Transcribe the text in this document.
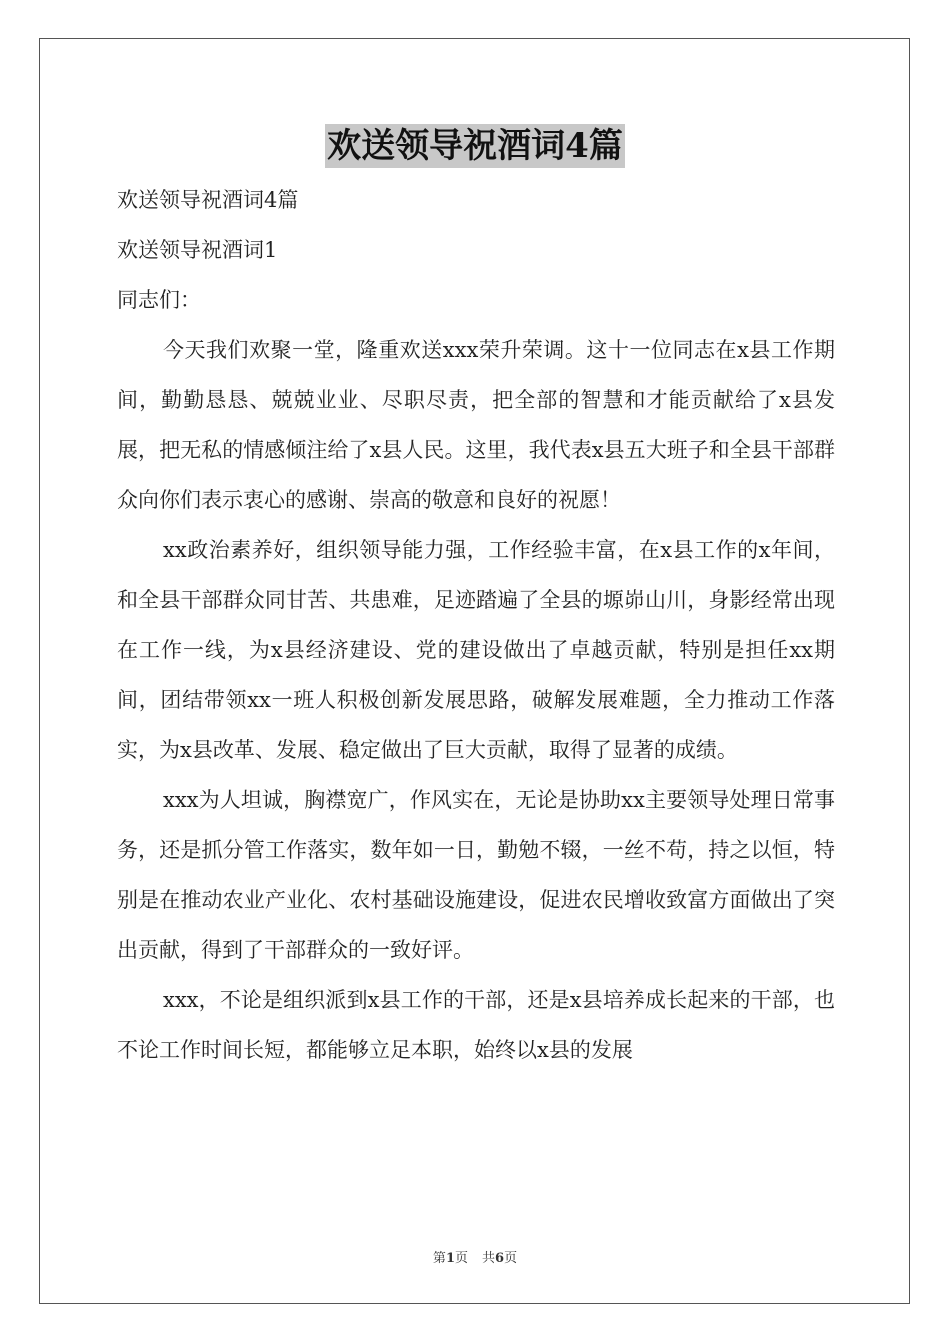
欢送领导祝酒词4篇
欢送领导祝酒词4篇
欢送领导祝酒词1
同志们：

今天我们欢聚一堂，隆重欢送xxx荣升荣调。这十一位同志在x县工作期间，勤勤恳恳、兢兢业业、尽职尽责，把全部的智慧和才能贡献给了x县发展，把无私的情感倾注给了x县人民。这里，我代表x县五大班子和全县干部群众向你们表示衷心的感谢、崇高的敬意和良好的祝愿！

xx政治素养好，组织领导能力强，工作经验丰富，在x县工作的x年间，和全县干部群众同甘苦、共患难，足迹踏遍了全县的塬峁山川，身影经常出现在工作一线，为x县经济建设、党的建设做出了卓越贡献，特别是担任xx期间，团结带领xx一班人积极创新发展思路，破解发展难题，全力推动工作落实，为x县改革、发展、稳定做出了巨大贡献，取得了显著的成绩。

xxx为人坦诚，胸襟宽广，作风实在，无论是协助xx主要领导处理日常事务，还是抓分管工作落实，数年如一日，勤勉不辍，一丝不苟，持之以恒，特别是在推动农业产业化、农村基础设施建设，促进农民增收致富方面做出了突出贡献，得到了干部群众的一致好评。

xxx，不论是组织派到x县工作的干部，还是x县培养成长起来的干部，也不论工作时间长短，都能够立足本职，始终以x县的发展

第1页 共6页
